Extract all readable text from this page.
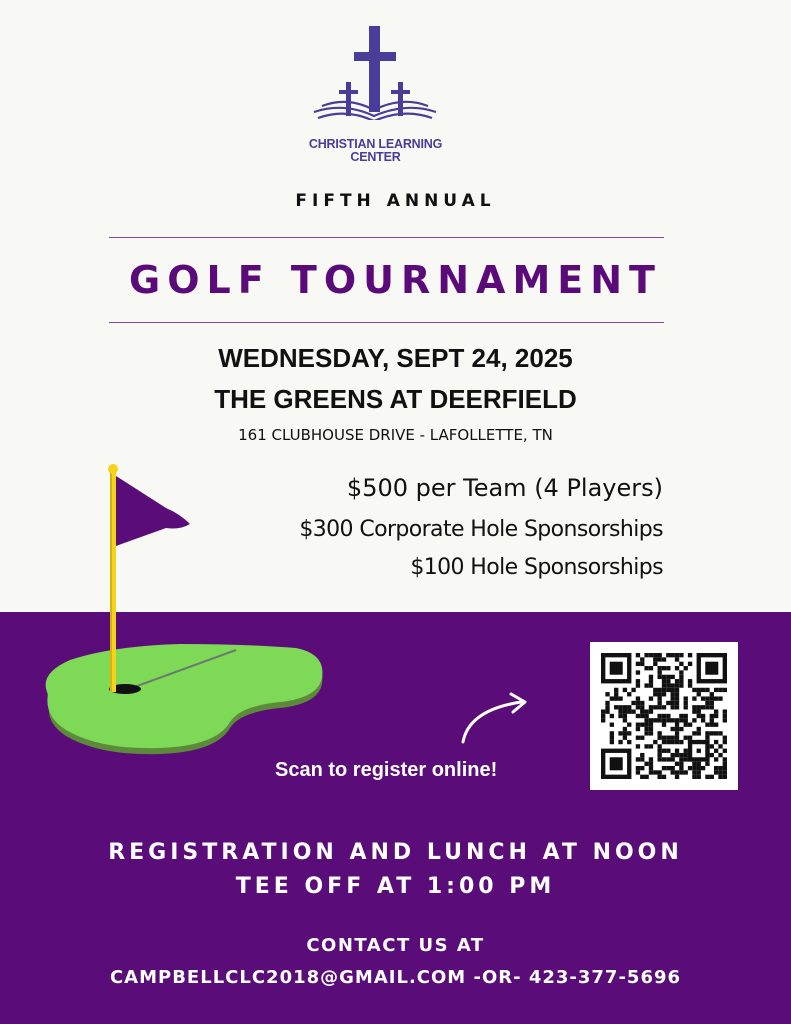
CHRISTIAN LEARNING
CENTER
FIFTH ANNUAL
GOLF TOURNAMENT
WEDNESDAY, SEPT 24, 2025
THE GREENS AT DEERFIELD
161 CLUBHOUSE DRIVE - LAFOLLETTE, TN
$500 per Team (4 Players)
$300 Corporate Hole Sponsorships
$100 Hole Sponsorships
Scan to register online!
REGISTRATION AND LUNCH AT NOON
TEE OFF AT 1:00 PM
CONTACT US AT
CAMPBELLCLC2018@GMAIL.COM -OR- 423-377-5696
